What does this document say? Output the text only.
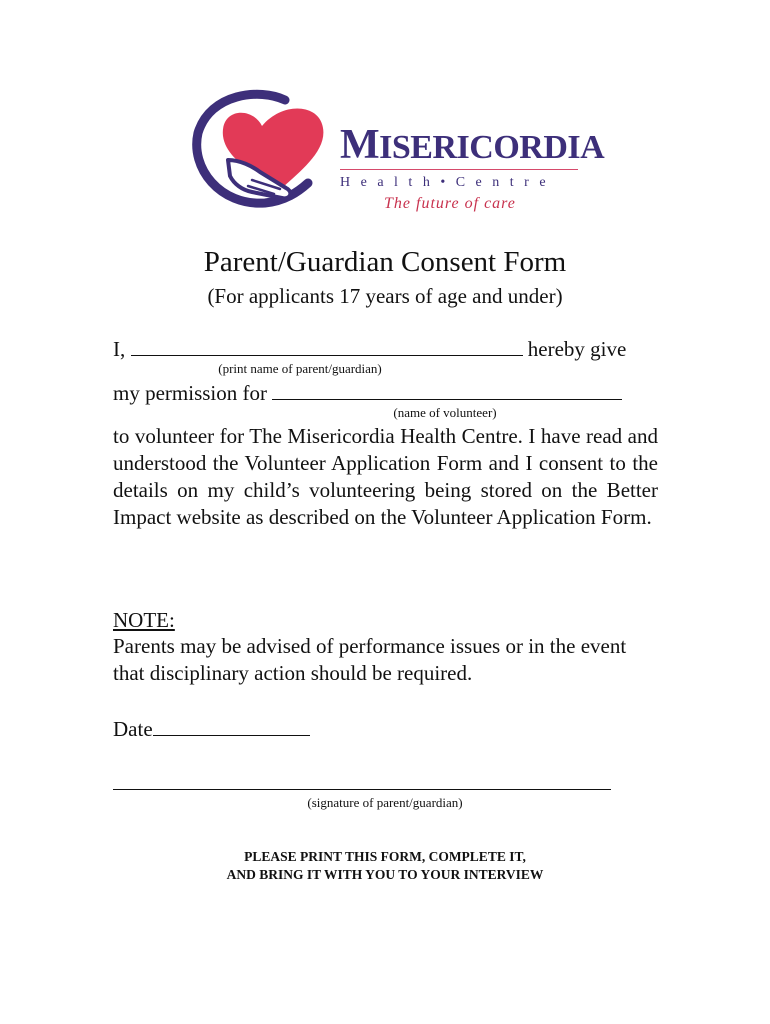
MISERICORDIA
Health•Centre
The future of care
Parent/Guardian Consent Form
(For applicants 17 years of age and under)
I,	hereby give
(print name of parent/guardian)
my permission for
(name of volunteer)
to volunteer for The Misericordia Health Centre. I have read and understood the Volunteer Application Form and I consent to the details on my child’s volunteering being stored on the Better Impact website as described on the Volunteer Application Form.
NOTE:
Parents may be advised of performance issues or in the event that disciplinary action should be required.
Date
(signature of parent/guardian)
PLEASE PRINT THIS FORM, COMPLETE IT,
AND BRING IT WITH YOU TO YOUR INTERVIEW
